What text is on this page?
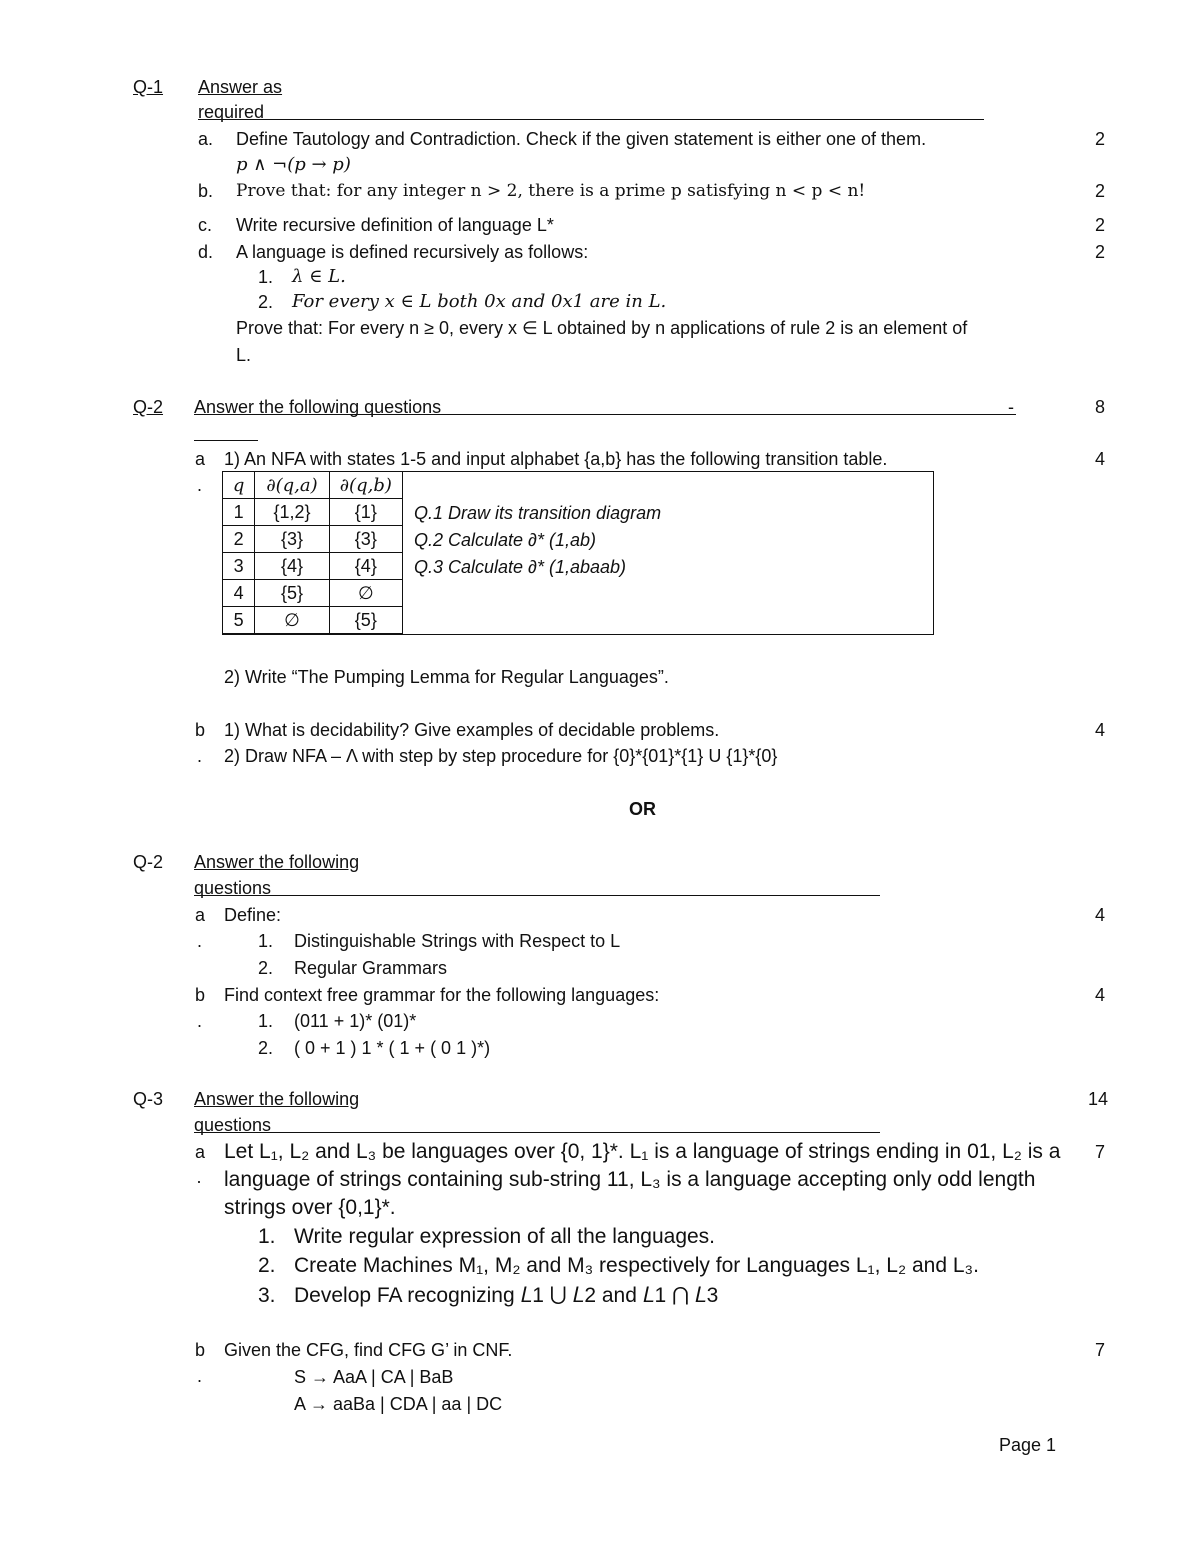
Q-1 Answer as
required
a. Define Tautology and Contradiction. Check if the given statement is either one of them.	2
p ∧ ¬(p → p)
b. Prove that: for any integer n > 2, there is a prime p satisfying n < p < n!	2
c. Write recursive definition of language L*	2
d. A language is defined recursively as follows:	2
1. λ ∈ L.
2. For every x ∈ L both 0x and 0x1 are in L.
Prove that: For every n ≥ 0, every x ∈ L obtained by n applications of rule 2 is an element of
L.
Q-2 Answer the following questions	-	8
a
.
1) An NFA with states 1-5 and input alphabet {a,b} has the following transition table.	4
q	∂(q,a)	∂(q,b)
1	{1,2}	{1}
2	{3}	{3}
3	{4}	{4}
4	{5}	∅
5	∅	{5}
Q.1 Draw its transition diagram
Q.2 Calculate ∂* (1,ab)
Q.3 Calculate ∂* (1,abaab)
2) Write “The Pumping Lemma for Regular Languages”.
b
.
1) What is decidability? Give examples of decidable problems.
2) Draw NFA – Λ with step by step procedure for {0}*{01}*{1} U {1}*{0}
4
OR
Q-2 Answer the following
questions
a
.
Define:	4
1. Distinguishable Strings with Respect to L
2. Regular Grammars
b
.
Find context free grammar for the following languages:	4
1. (011 + 1)* (01)*
2. ( 0 + 1 ) 1 * ( 1 + ( 0 1 )*)
Q-3 Answer the following
questions
14
a
·
7
Let L₁, L₂ and L₃ be languages over {0, 1}*. L₁ is a language of strings ending in 01, L₂ is a
language of strings containing sub-string 11, L₃ is a language accepting only odd length
strings over {0,1}*.
1. Write regular expression of all the languages.
2. Create Machines M₁, M₂ and M₃ respectively for Languages L₁, L₂ and L₃.
3. Develop FA recognizing 𝐿1 ⋃ 𝐿2 and 𝐿1 ⋂ 𝐿3
b
.
Given the CFG, find CFG G’ in CNF.	7
S → AaA | CA | BaB
A → aaBa | CDA | aa | DC
Page 1
